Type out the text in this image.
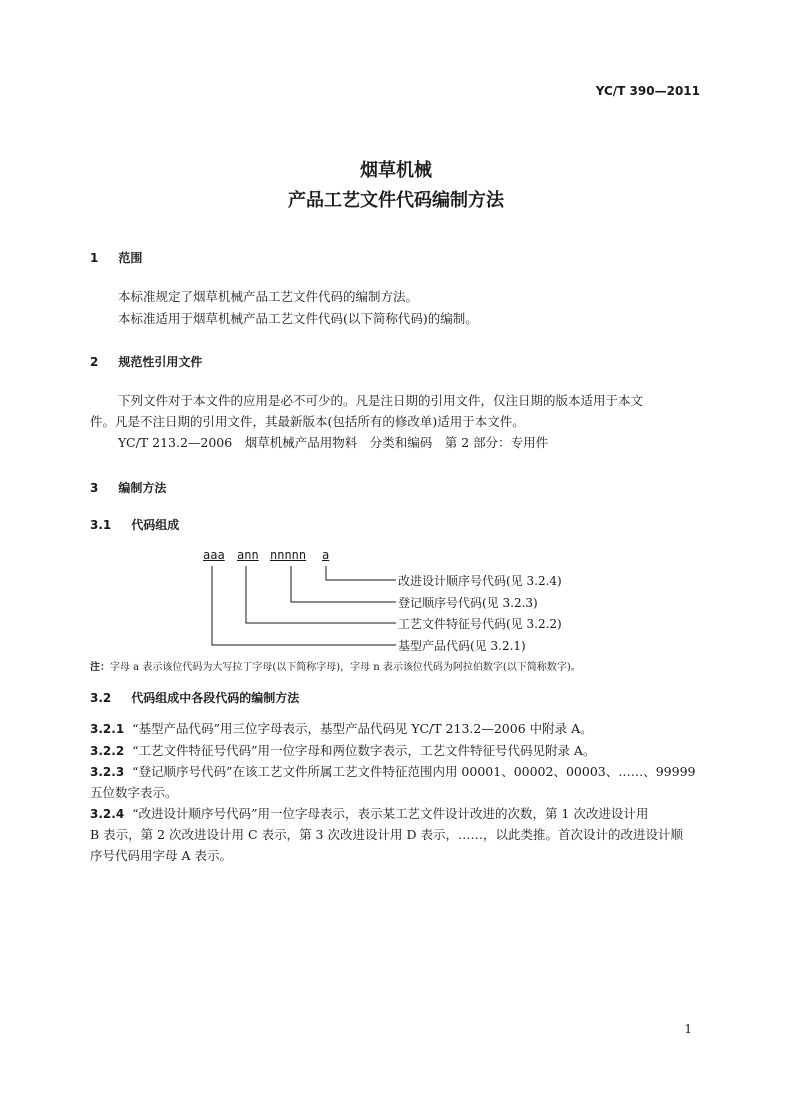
YC/T 390—2011
烟草机械
产品工艺文件代码编制方法
1 范围
本标准规定了烟草机械产品工艺文件代码的编制方法。
本标准适用于烟草机械产品工艺文件代码(以下简称代码)的编制。
2 规范性引用文件
下列文件对于本文件的应用是必不可少的。凡是注日期的引用文件，仅注日期的版本适用于本文
件。凡是不注日期的引用文件，其最新版本(包括所有的修改单)适用于本文件。
YC/T 213.2—2006　烟草机械产品用物料　分类和编码　第 2 部分：专用件
3 编制方法
3.1 代码组成
aaa ann nnnnn a
改进设计顺序号代码(见 3.2.4)
登记顺序号代码(见 3.2.3)
工艺文件特征号代码(见 3.2.2)
基型产品代码(见 3.2.1)
注：字母 a 表示该位代码为大写拉丁字母(以下简称字母)，字母 n 表示该位代码为阿拉伯数字(以下简称数字)。
3.2 代码组成中各段代码的编制方法
3.2.1 “基型产品代码”用三位字母表示，基型产品代码见 YC/T 213.2—2006 中附录 A。
3.2.2 “工艺文件特征号代码”用一位字母和两位数字表示，工艺文件特征号代码见附录 A。
3.2.3 “登记顺序号代码”在该工艺文件所属工艺文件特征范围内用 00001、00002、00003、……、99999
五位数字表示。
3.2.4 “改进设计顺序号代码”用一位字母表示，表示某工艺文件设计改进的次数，第 1 次改进设计用
B 表示，第 2 次改进设计用 C 表示，第 3 次改进设计用 D 表示，……，以此类推。首次设计的改进设计顺
序号代码用字母 A 表示。
1
